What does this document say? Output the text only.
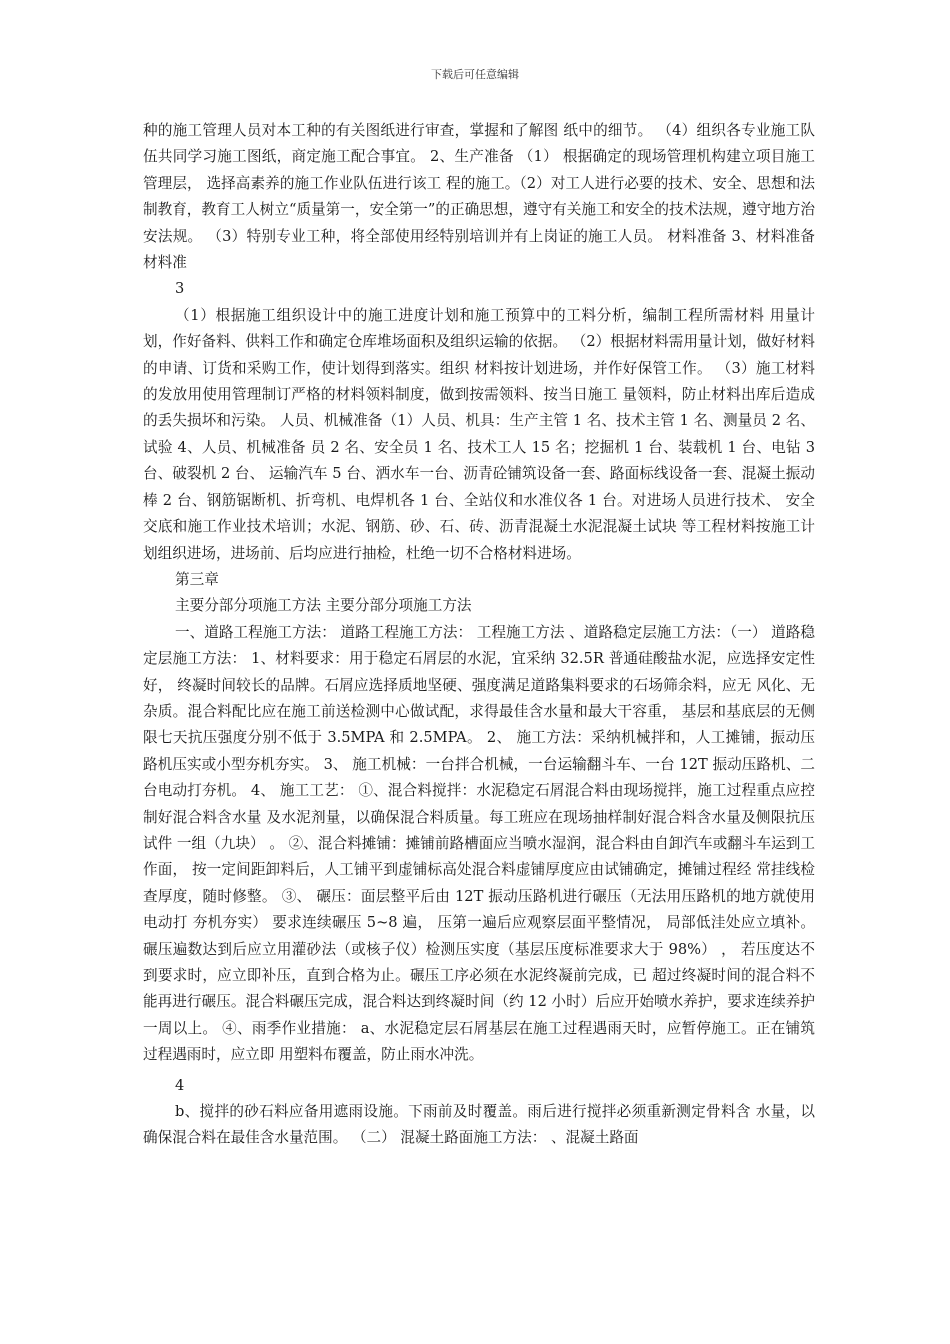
下载后可任意编辑

种的施工管理人员对本工种的有关图纸进行审查，掌握和了解图 纸中的细节。 （4）组织各专业施工队伍共同学习施工图纸，商定施工配合事宜。 2、生产准备 （1） 根据确定的现场管理机构建立项目施工管理层， 选择高素养的施工作业队伍进行该工 程的施工。（2）对工人进行必要的技术、安全、思想和法制教育，教育工人树立“质量第一，安全第一”的正确思想，遵守有关施工和安全的技术法规，遵守地方治安法规。 （3）特别专业工种，将全部使用经特别培训并有上岗证的施工人员。 材料准备 3、材料准备 材料准

3

（1）根据施工组织设计中的施工进度计划和施工预算中的工料分析，编制工程所需材料 用量计划，作好备料、供料工作和确定仓库堆场面积及组织运输的依据。 （2）根据材料需用量计划，做好材料的申请、订货和采购工作，使计划得到落实。组织 材料按计划进场，并作好保管工作。 （3）施工材料的发放用使用管理制订严格的材料领料制度，做到按需领料、按当日施工 量领料，防止材料出库后造成的丢失损坏和污染。 人员、机械准备（1）人员、机具：生产主管 1 名、技术主管 1 名、测量员 2 名、试验 4、人员、机械准备 员 2 名、安全员 1 名、技术工人 15 名；挖掘机 1 台、装载机 1 台、电钻 3 台、破裂机 2 台、 运输汽车 5 台、洒水车一台、沥青砼铺筑设备一套、路面标线设备一套、混凝土振动棒 2 台、钢筋锯断机、折弯机、电焊机各 1 台、全站仪和水准仪各 1 台。对进场人员进行技术、 安全交底和施工作业技术培训；水泥、钢筋、砂、石、砖、沥青混凝土水泥混凝土试块 等工程材料按施工计划组织进场，进场前、后均应进行抽检，杜绝一切不合格材料进场。

第三章

主要分部分项施工方法 主要分部分项施工方法

一、道路工程施工方法： 道路工程施工方法： 工程施工方法 、道路稳定层施工方法：（一） 道路稳定层施工方法： 1、材料要求：用于稳定石屑层的水泥，宜采纳 32.5R 普通硅酸盐水泥，应选择安定性好， 终凝时间较长的品牌。石屑应选择质地坚硬、强度满足道路集料要求的石场筛余料，应无 风化、无杂质。混合料配比应在施工前送检测中心做试配，求得最佳含水量和最大干容重， 基层和基底层的无侧限七天抗压强度分别不低于 3.5MPA 和 2.5MPA。 2、 施工方法：采纳机械拌和，人工摊铺，振动压路机压实或小型夯机夯实。 3、 施工机械：一台拌合机械，一台运输翻斗车、一台 12T 振动压路机、二台电动打夯机。 4、 施工工艺： ①、混合料搅拌：水泥稳定石屑混合料由现场搅拌，施工过程重点应控制好混合料含水量 及水泥剂量，以确保混合料质量。每工班应在现场抽样制好混合料含水量及侧限抗压试件 一组（九块） 。 ②、混合料摊铺：摊铺前路槽面应当喷水湿润，混合料由自卸汽车或翻斗车运到工作面， 按一定间距卸料后，人工铺平到虚铺标高处混合料虚铺厚度应由试铺确定，摊铺过程经 常挂线检查厚度，随时修整。 ③、 碾压：面层整平后由 12T 振动压路机进行碾压（无法用压路机的地方就使用电动打 夯机夯实） 要求连续碾压 5~8 遍， 压第一遍后应观察层面平整情况， 局部低洼处应立填补。 碾压遍数达到后应立用灌砂法（或核子仪）检测压实度（基层压度标准要求大于 98%） ， 若压度达不到要求时，应立即补压，直到合格为止。碾压工序必须在水泥终凝前完成，已 超过终凝时间的混合料不能再进行碾压。混合料碾压完成，混合料达到终凝时间（约 12 小时）后应开始喷水养护，要求连续养护一周以上。 ④、雨季作业措施： a、水泥稳定层石屑基层在施工过程遇雨天时，应暂停施工。正在铺筑过程遇雨时，应立即 用塑料布覆盖，防止雨水冲洗。

4

b、搅拌的砂石料应备用遮雨设施。下雨前及时覆盖。雨后进行搅拌必须重新测定骨料含 水量，以确保混合料在最佳含水量范围。 （二） 混凝土路面施工方法： 、混凝土路面
